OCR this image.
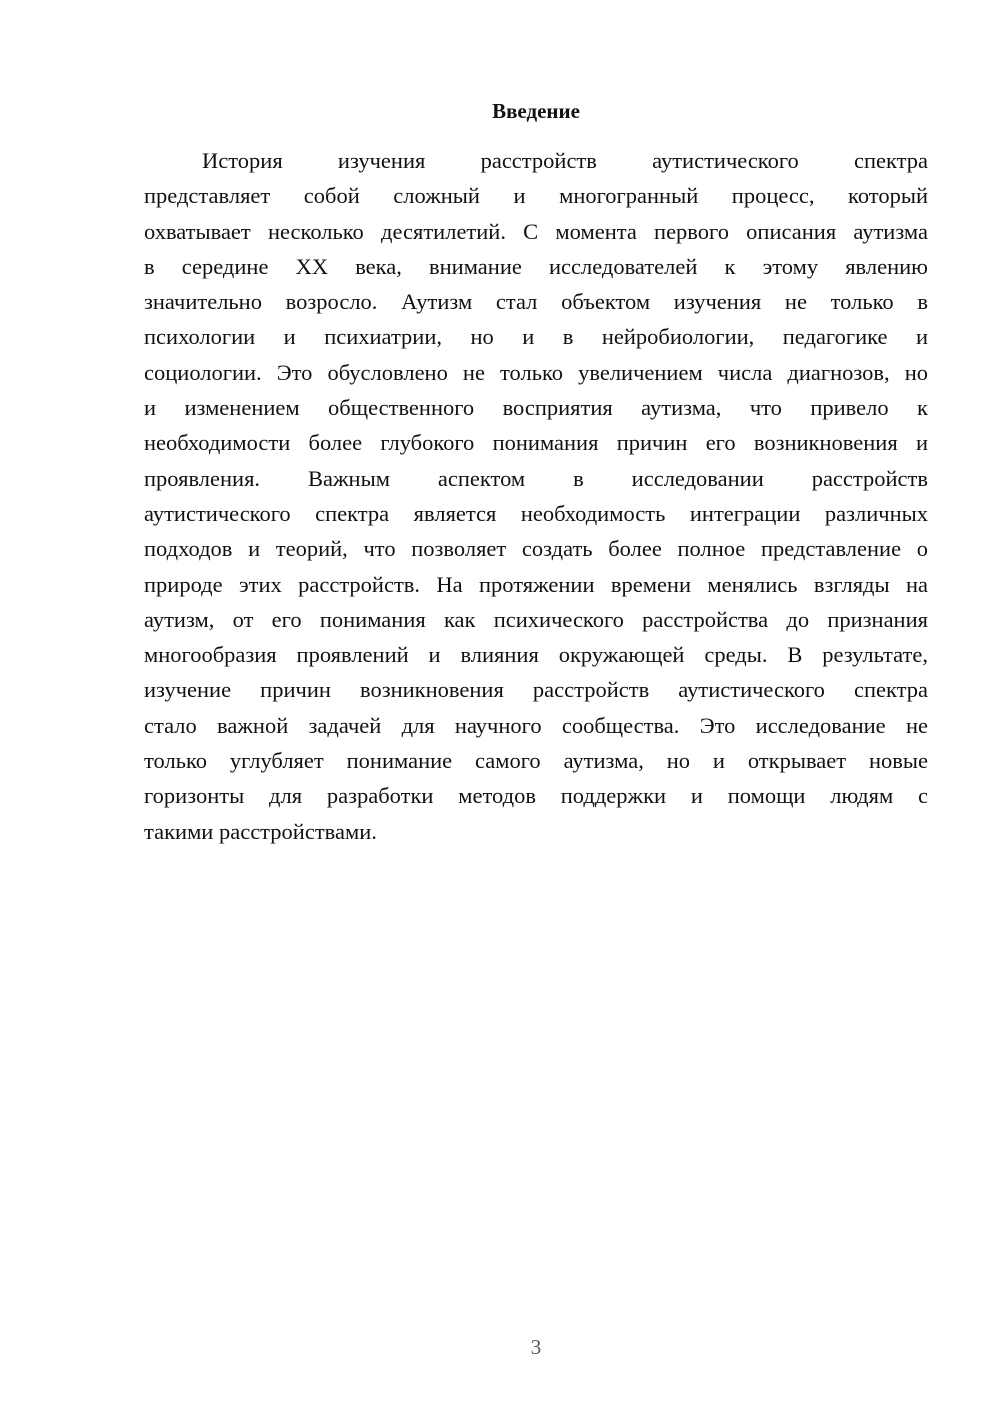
Введение
История изучения расстройств аутистического спектра
представляет собой сложный и многогранный процесс, который
охватывает несколько десятилетий. С момента первого описания аутизма
в середине XX века, внимание исследователей к этому явлению
значительно возросло. Аутизм стал объектом изучения не только в
психологии и психиатрии, но и в нейробиологии, педагогике и
социологии. Это обусловлено не только увеличением числа диагнозов, но
и изменением общественного восприятия аутизма, что привело к
необходимости более глубокого понимания причин его возникновения и
проявления. Важным аспектом в исследовании расстройств
аутистического спектра является необходимость интеграции различных
подходов и теорий, что позволяет создать более полное представление о
природе этих расстройств. На протяжении времени менялись взгляды на
аутизм, от его понимания как психического расстройства до признания
многообразия проявлений и влияния окружающей среды. В результате,
изучение причин возникновения расстройств аутистического спектра
стало важной задачей для научного сообщества. Это исследование не
только углубляет понимание самого аутизма, но и открывает новые
горизонты для разработки методов поддержки и помощи людям с
такими расстройствами.
3
